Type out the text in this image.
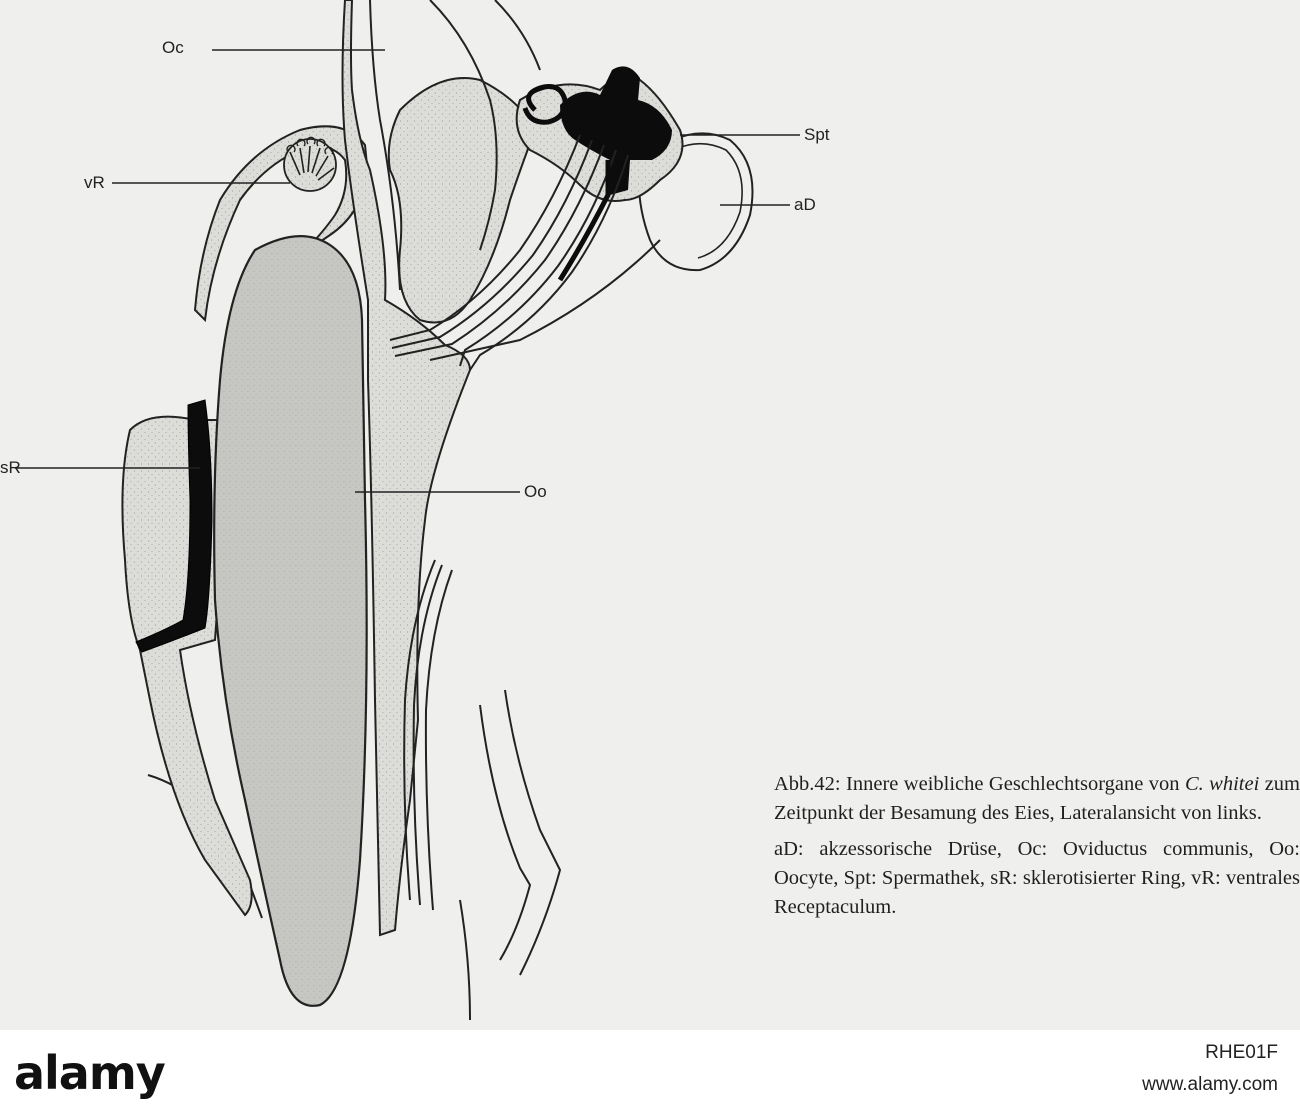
Oc
Spt
vR
aD
sR
Oo

Abb.42: Innere weibliche Geschlechtsorgane von C. whitei zum Zeitpunkt der Besamung des Eies, Lateralansicht von links.

aD: akzessorische Drüse, Oc: Oviductus communis, Oo: Oocyte, Spt: Spermathek, sR: sklerotisierter Ring, vR: ventrales Receptaculum.

alamy	RHE01F
www.alamy.com
